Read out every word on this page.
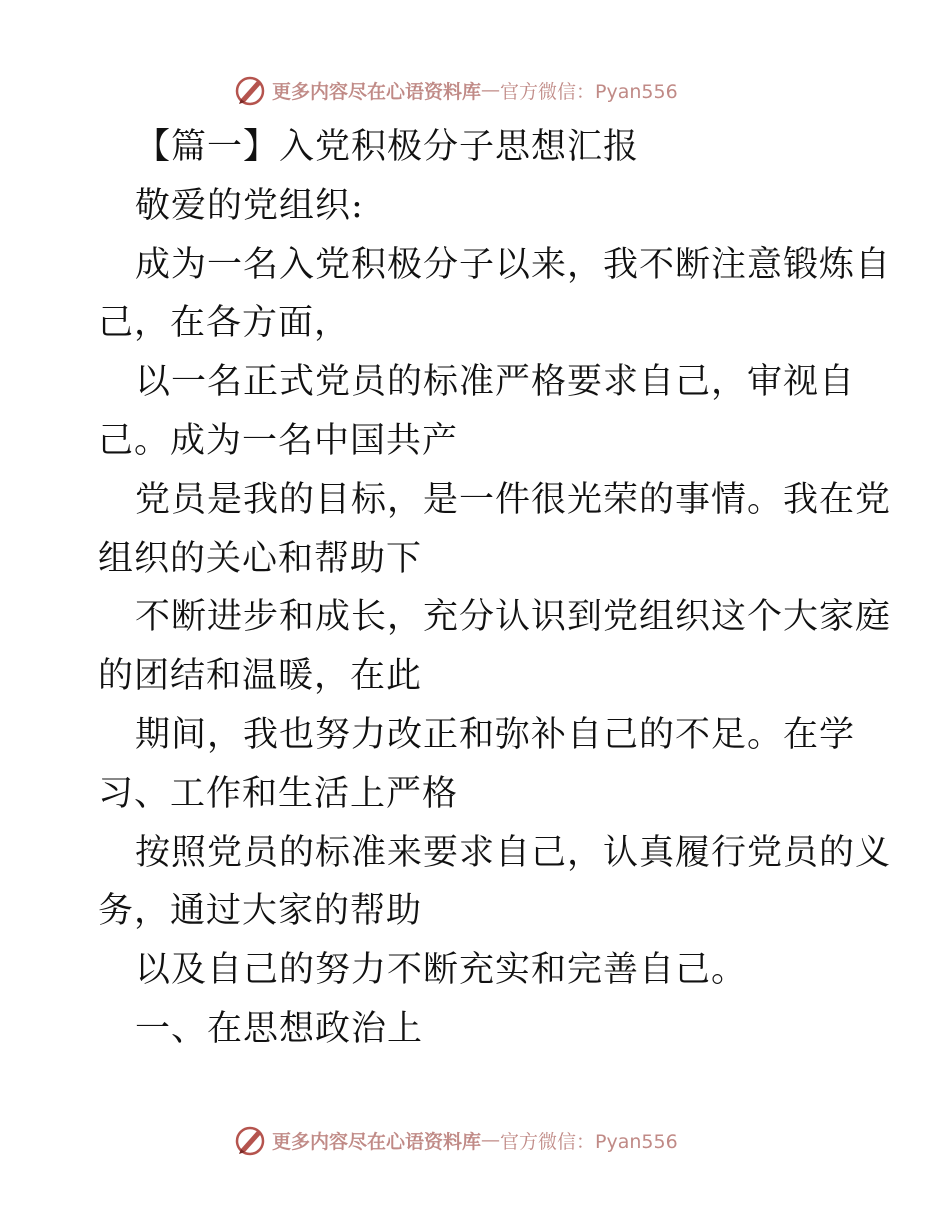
更多内容尽在心语资料库 — 官方微信：Pyan556
【篇一】入党积极分子思想汇报
敬爱的党组织:
成为一名入党积极分子以来，我不断注意锻炼自
己，在各方面，
以一名正式党员的标准严格要求自己，审视自
己。成为一名中国共产
党员是我的目标，是一件很光荣的事情。我在党
组织的关心和帮助下
不断进步和成长，充分认识到党组织这个大家庭
的团结和温暖，在此
期间，我也努力改正和弥补自己的不足。在学
习、工作和生活上严格
按照党员的标准来要求自己，认真履行党员的义
务，通过大家的帮助
以及自己的努力不断充实和完善自己。
一、在思想政治上
更多内容尽在心语资料库 — 官方微信：Pyan556
